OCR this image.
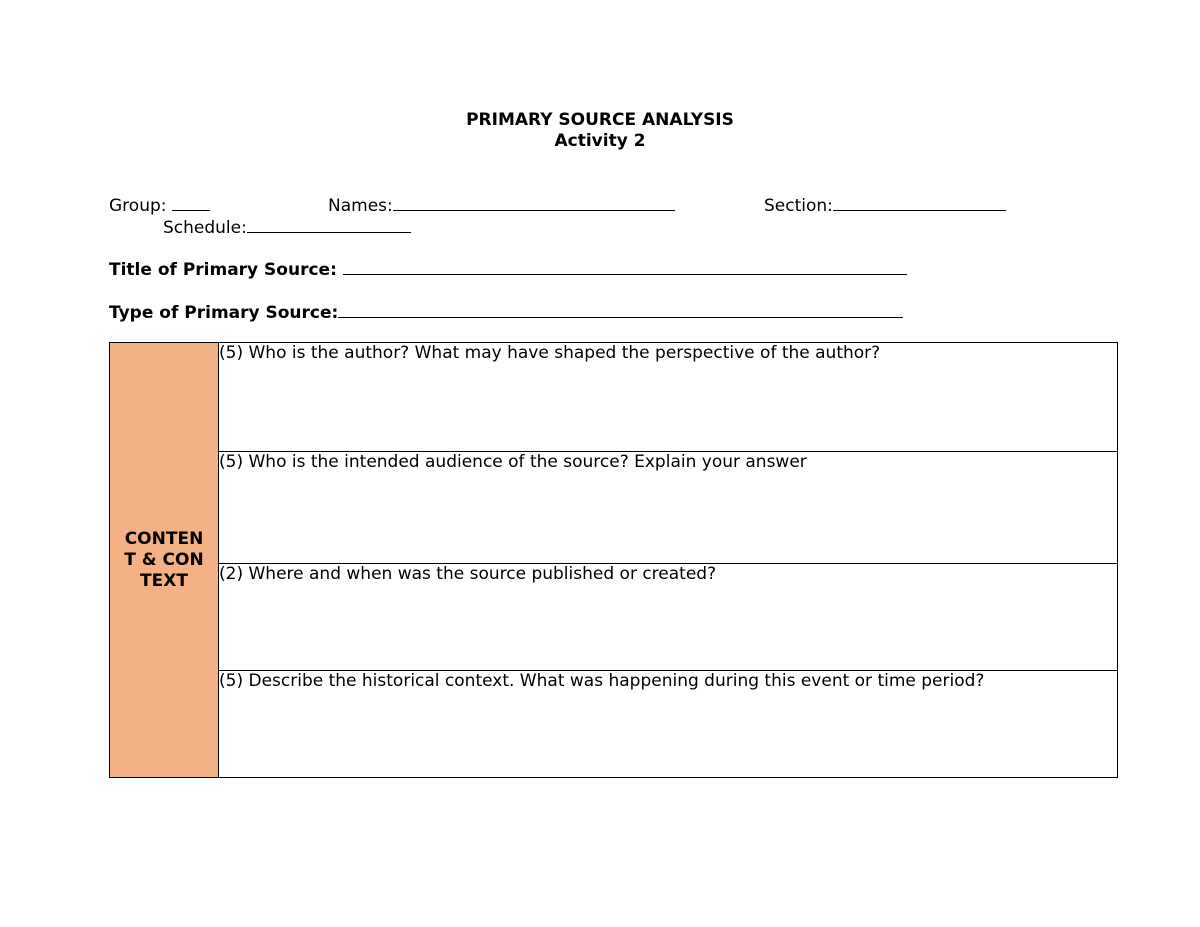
PRIMARY SOURCE ANALYSIS
Activity 2
Group:	Names:	Section:
Schedule:
Title of Primary Source:
Type of Primary Source:
CONTENT & CONTEXT
	(5) Who is the author? What may have shaped the perspective of the author?
(5) Who is the intended audience of the source? Explain your answer
(2) Where and when was the source published or created?
(5) Describe the historical context. What was happening during this event or time period?
